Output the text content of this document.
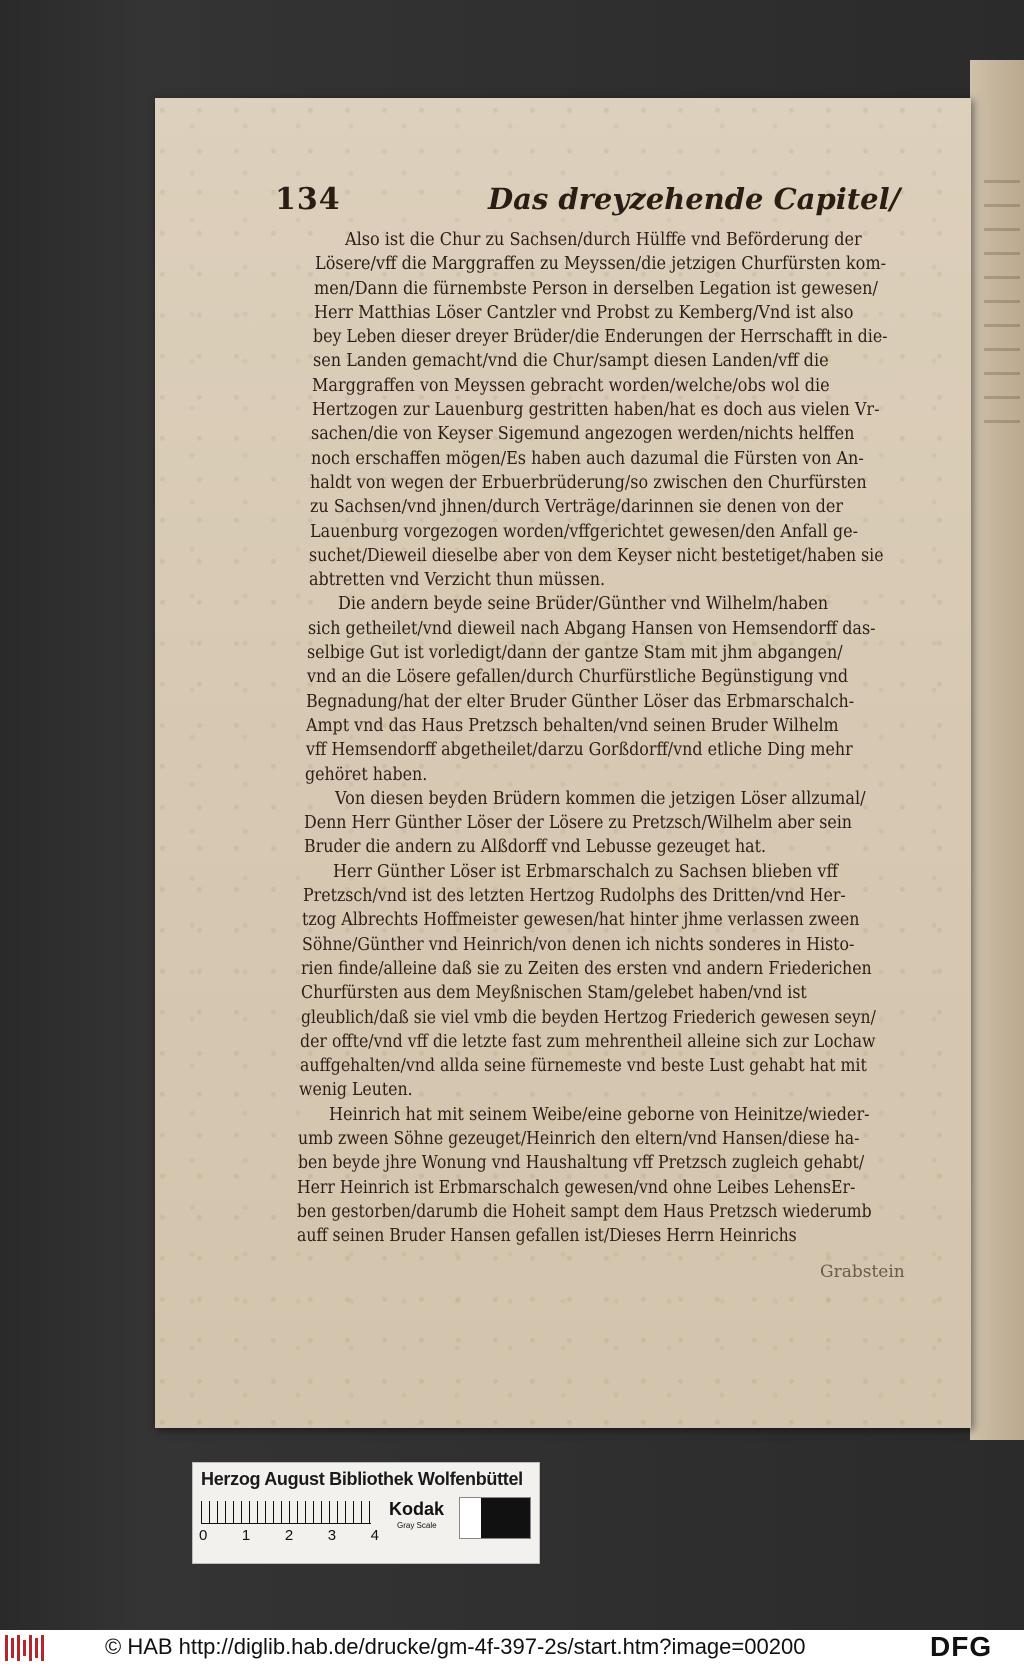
134	Das dreyzehende Capitel/
Also ist die Chur zu Sachsen/durch Hülffe vnd Beförderung der
Lösere/vff die Marggraffen zu Meyssen/die jetzigen Churfürsten kom-
men/Dann die fürnembste Person in derselben Legation ist gewesen/
Herr Matthias Löser Cantzler vnd Probst zu Kemberg/Vnd ist also
bey Leben dieser dreyer Brüder/die Enderungen der Herrschafft in die-
sen Landen gemacht/vnd die Chur/sampt diesen Landen/vff die
Marggraffen von Meyssen gebracht worden/welche/obs wol die
Hertzogen zur Lauenburg gestritten haben/hat es doch aus vielen Vr-
sachen/die von Keyser Sigemund angezogen werden/nichts helffen
noch erschaffen mögen/Es haben auch dazumal die Fürsten von An-
haldt von wegen der Erbuerbrüderung/so zwischen den Churfürsten
zu Sachsen/vnd jhnen/durch Verträge/darinnen sie denen von der
Lauenburg vorgezogen worden/vffgerichtet gewesen/den Anfall ge-
suchet/Dieweil dieselbe aber von dem Keyser nicht bestetiget/haben sie
abtretten vnd Verzicht thun müssen.
Die andern beyde seine Brüder/Günther vnd Wilhelm/haben
sich getheilet/vnd dieweil nach Abgang Hansen von Hemsendorff das-
selbige Gut ist vorledigt/dann der gantze Stam mit jhm abgangen/
vnd an die Lösere gefallen/durch Churfürstliche Begünstigung vnd
Begnadung/hat der elter Bruder Günther Löser das Erbmarschalch-
Ampt vnd das Haus Pretzsch behalten/vnd seinen Bruder Wilhelm
vff Hemsendorff abgetheilet/darzu Gorßdorff/vnd etliche Ding mehr
gehöret haben.
Von diesen beyden Brüdern kommen die jetzigen Löser allzumal/
Denn Herr Günther Löser der Lösere zu Pretzsch/Wilhelm aber sein
Bruder die andern zu Alßdorff vnd Lebusse gezeuget hat.
Herr Günther Löser ist Erbmarschalch zu Sachsen blieben vff
Pretzsch/vnd ist des letzten Hertzog Rudolphs des Dritten/vnd Her-
tzog Albrechts Hoffmeister gewesen/hat hinter jhme verlassen zween
Söhne/Günther vnd Heinrich/von denen ich nichts sonderes in Histo-
rien finde/alleine daß sie zu Zeiten des ersten vnd andern Friederichen
Churfürsten aus dem Meyßnischen Stam/gelebet haben/vnd ist
gleublich/daß sie viel vmb die beyden Hertzog Friederich gewesen seyn/
der offte/vnd vff die letzte fast zum mehrentheil alleine sich zur Lochaw
auffgehalten/vnd allda seine fürnemeste vnd beste Lust gehabt hat mit
wenig Leuten.
Heinrich hat mit seinem Weibe/eine geborne von Heinitze/wieder-
umb zween Söhne gezeuget/Heinrich den eltern/vnd Hansen/diese ha-
ben beyde jhre Wonung vnd Haushaltung vff Pretzsch zugleich gehabt/
Herr Heinrich ist Erbmarschalch gewesen/vnd ohne Leibes LehensEr-
ben gestorben/darumb die Hoheit sampt dem Haus Pretzsch wiederumb
auff seinen Bruder Hansen gefallen ist/Dieses Herrn Heinrichs
Grabstein
Herzog August Bibliothek Wolfenbüttel
0 1 2 3 4
Kodak
Gray Scale
© HAB http://diglib.hab.de/drucke/gm-4f-397-2s/start.htm?image=00200	DFG
